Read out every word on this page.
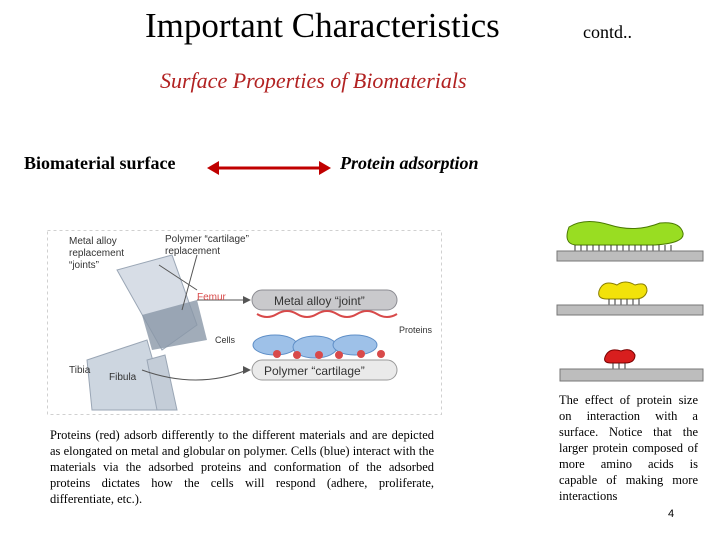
Important Characteristics	contd..
Surface Properties of Biomaterials
Biomaterial surface	Protein adsorption
Metal alloy “joint”
Polymer “cartilage”
Metal alloy
replacement
“joints”
Polymer “cartilage”
replacement
Femur
Proteins
Cells
Tibia
Fibula
Proteins (red) adsorb differently to the different materials and are depicted as elongated on metal and globular on polymer. Cells (blue) interact with the materials via the adsorbed proteins and conformation of the adsorbed proteins dictates how the cells will respond (adhere, proliferate, differentiate, etc.).
The effect of protein size on interaction with a surface. Notice that the larger protein composed of more amino acids is capable of making more interactions
4
